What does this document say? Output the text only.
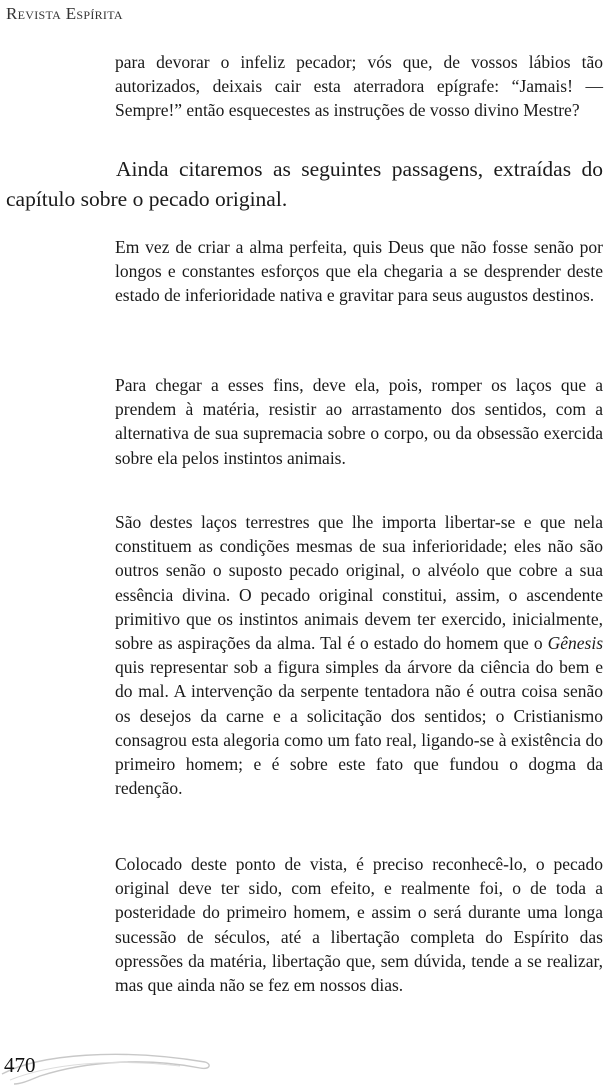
Revista Espírita

para devorar o infeliz pecador; vós que, de vossos lábios tão autorizados, deixais cair esta aterradora epígrafe: “Jamais! — Sempre!” então esquecestes as instruções de vosso divino Mestre?

Ainda citaremos as seguintes passagens, extraídas do capítulo sobre o pecado original.

Em vez de criar a alma perfeita, quis Deus que não fosse senão por longos e constantes esforços que ela chegaria a se desprender deste estado de inferioridade nativa e gravitar para seus augustos destinos.

Para chegar a esses fins, deve ela, pois, romper os laços que a prendem à matéria, resistir ao arrastamento dos sentidos, com a alternativa de sua supremacia sobre o corpo, ou da obsessão exercida sobre ela pelos instintos animais.

São destes laços terrestres que lhe importa libertar-se e que nela constituem as condições mesmas de sua inferioridade; eles não são outros senão o suposto pecado original, o alvéolo que cobre a sua essência divina. O pecado original constitui, assim, o ascendente primitivo que os instintos animais devem ter exercido, inicialmente, sobre as aspirações da alma. Tal é o estado do homem que o Gênesis quis representar sob a figura simples da árvore da ciência do bem e do mal. A intervenção da serpente tentadora não é outra coisa senão os desejos da carne e a solicitação dos sentidos; o Cristianismo consagrou esta alegoria como um fato real, ligando-se à existência do primeiro homem; e é sobre este fato que fundou o dogma da redenção.

Colocado deste ponto de vista, é preciso reconhecê-lo, o pecado original deve ter sido, com efeito, e realmente foi, o de toda a posteridade do primeiro homem, e assim o será durante uma longa sucessão de séculos, até a libertação completa do Espírito das opressões da matéria, libertação que, sem dúvida, tende a se realizar, mas que ainda não se fez em nossos dias.

470
